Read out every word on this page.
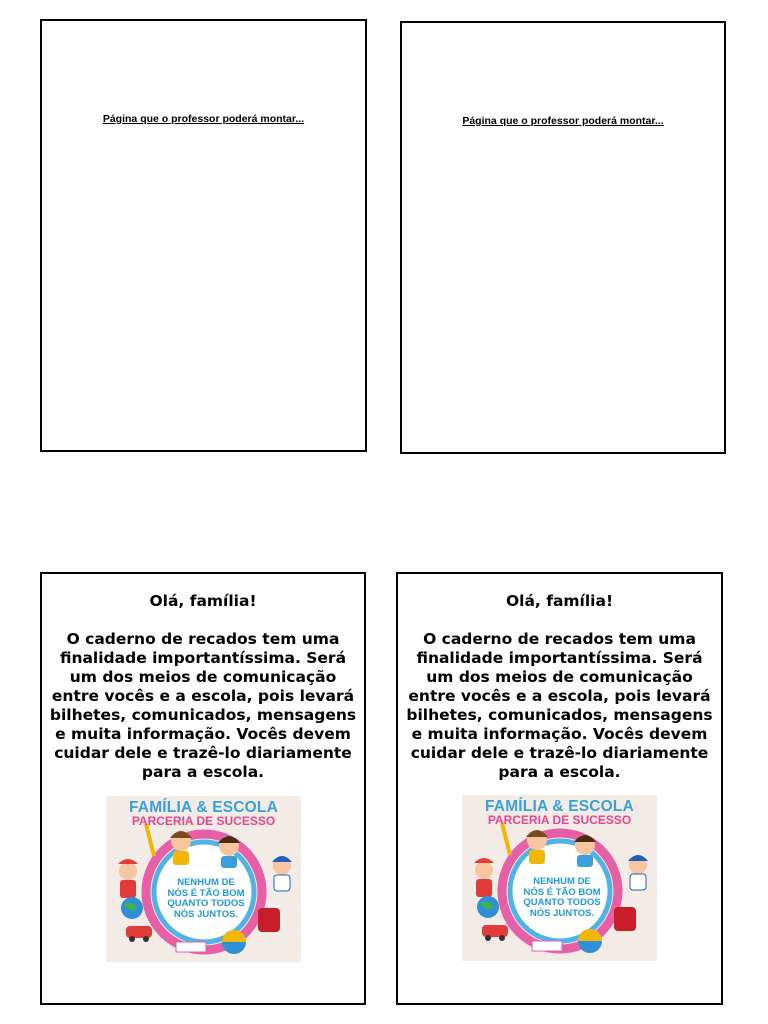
Página que o professor poderá montar...	Página que o professor poderá montar...
Olá, família!
O caderno de recados tem uma finalidade importantíssima. Será um dos meios de comunicação entre vocês e a escola, pois levará bilhetes, comunicados, mensagens e muita informação. Vocês devem cuidar dele e trazê-lo diariamente para a escola.
FAMÍLIA & ESCOLA
PARCERIA DE SUCESSO
NENHUM DE NÓS É TÃO BOM QUANTO TODOS NÓS JUNTOS.
Olá, família!
O caderno de recados tem uma finalidade importantíssima. Será um dos meios de comunicação entre vocês e a escola, pois levará bilhetes, comunicados, mensagens e muita informação. Vocês devem cuidar dele e trazê-lo diariamente para a escola.
FAMÍLIA & ESCOLA
PARCERIA DE SUCESSO
NENHUM DE NÓS É TÃO BOM QUANTO TODOS NÓS JUNTOS.
